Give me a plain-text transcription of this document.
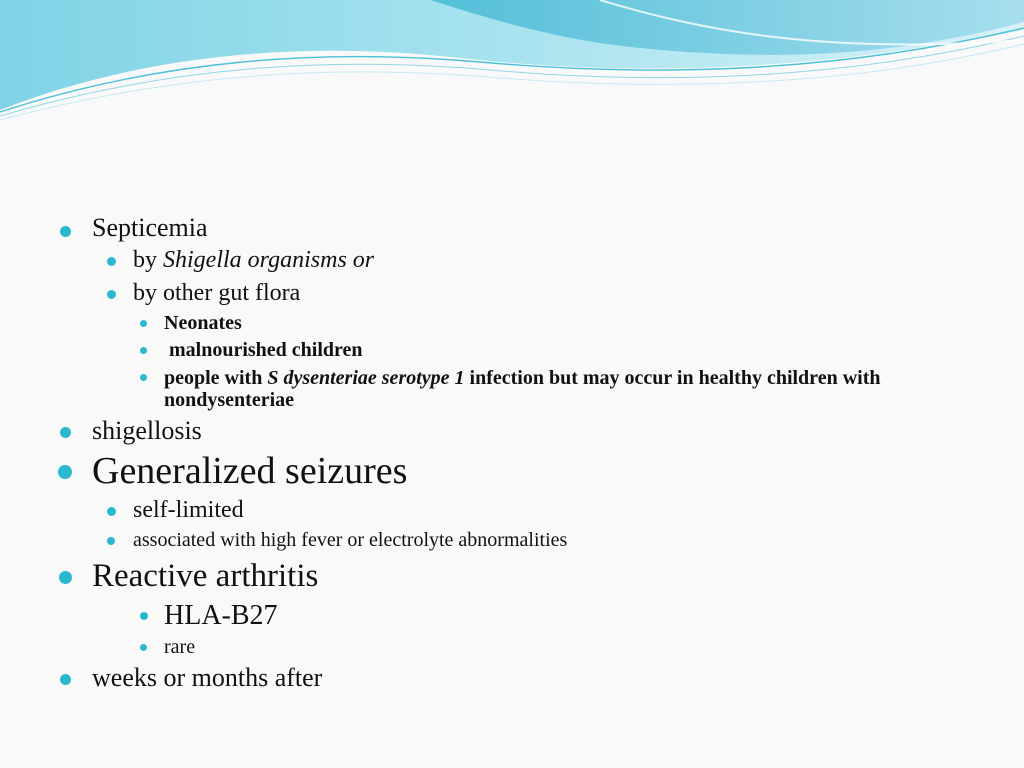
Septicemia
by Shigella organisms or
by other gut flora
Neonates
malnourished children
people with S dysenteriae serotype 1 infection but may occur in healthy children with nondysenteriae
shigellosis
Generalized seizures
self-limited
associated with high fever or electrolyte abnormalities
Reactive arthritis
HLA-B27
rare
weeks or months after
